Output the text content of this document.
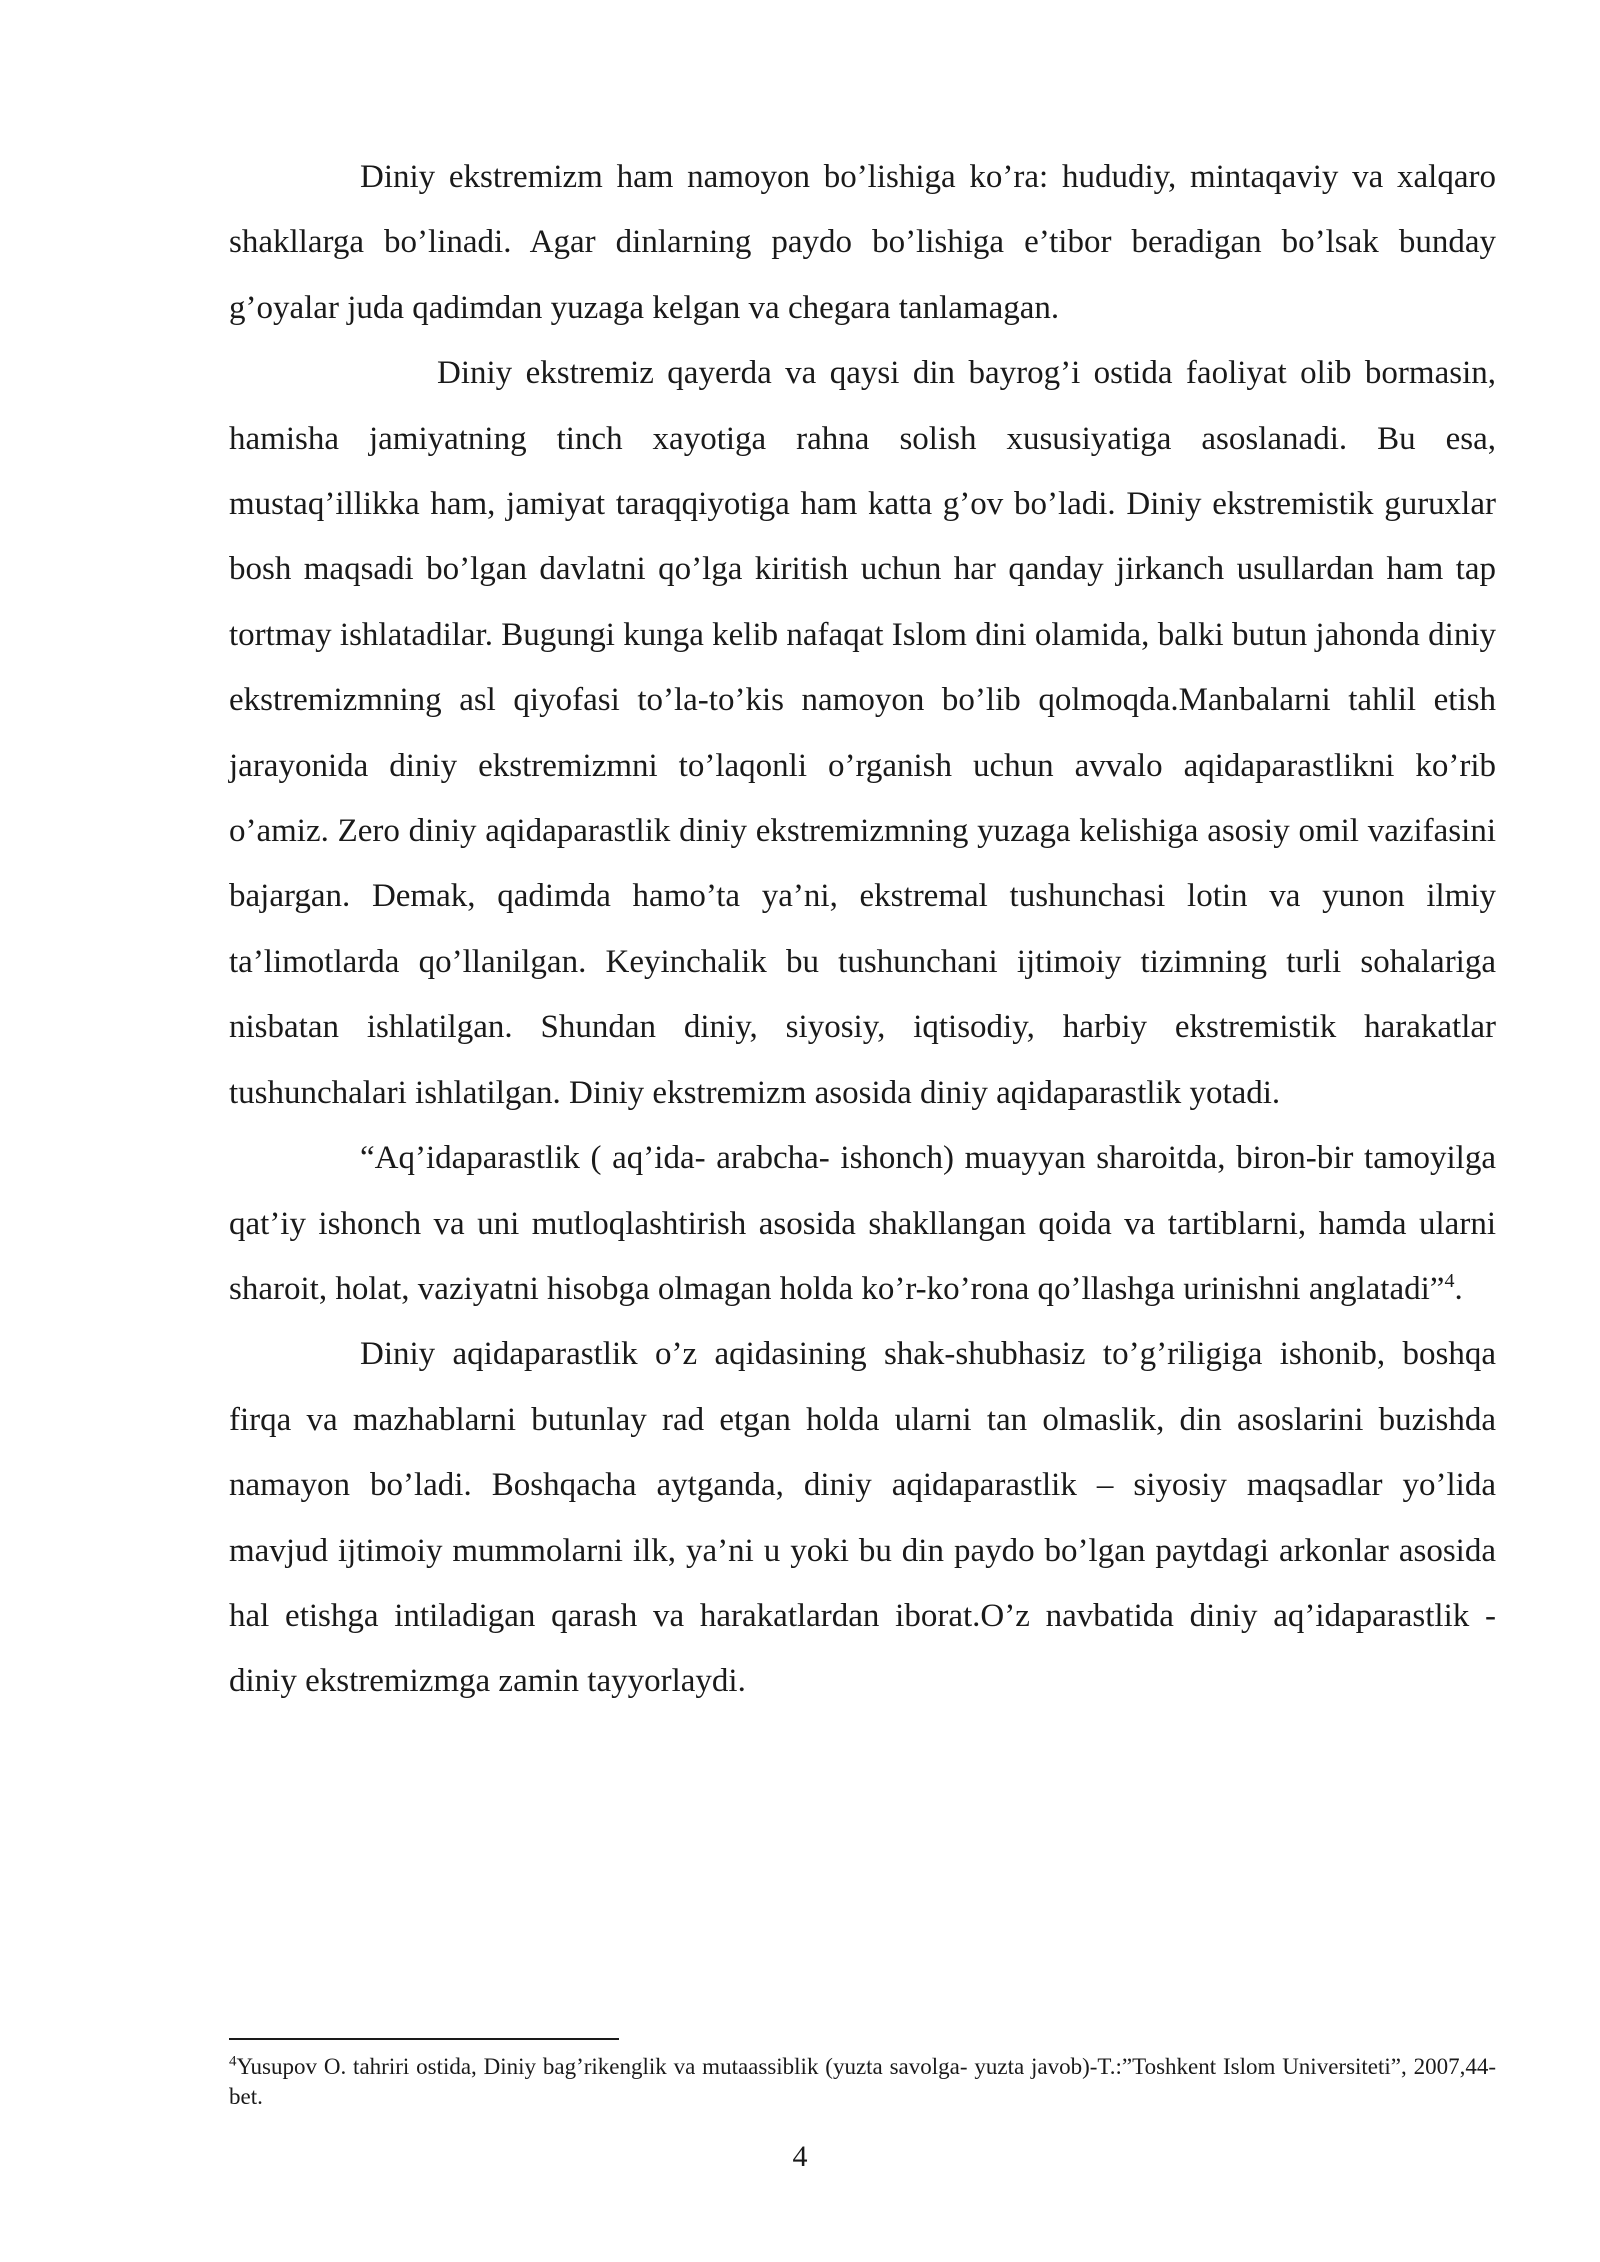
Diniy ekstremizm ham namoyon bo’lishiga ko’ra: hududiy, mintaqaviy va xalqaro shakllarga bo’linadi. Agar dinlarning paydo bo’lishiga e’tibor beradigan bo’lsak bunday g’oyalar juda qadimdan yuzaga kelgan va chegara tanlamagan.

Diniy ekstremiz qayerda va qaysi din bayrog’i ostida faoliyat olib bormasin, hamisha jamiyatning tinch xayotiga rahna solish xususiyatiga asoslanadi. Bu esa, mustaq’illikka ham, jamiyat taraqqiyotiga ham katta g’ov bo’ladi. Diniy ekstremistik guruxlar bosh maqsadi bo’lgan davlatni qo’lga kiritish uchun har qanday jirkanch usullardan ham tap tortmay ishlatadilar. Bugungi kunga kelib nafaqat Islom dini olamida, balki butun jahonda diniy ekstremizmning asl qiyofasi to’la-to’kis namoyon bo’lib qolmoqda.Manbalarni tahlil etish jarayonida diniy ekstremizmni to’laqonli o’rganish uchun avvalo aqidaparastlikni ko’rib o’amiz. Zero diniy aqidaparastlik diniy ekstremizmning yuzaga kelishiga asosiy omil vazifasini bajargan. Demak, qadimda hamo’ta ya’ni, ekstremal tushunchasi lotin va yunon ilmiy ta’limotlarda qo’llanilgan. Keyinchalik bu tushunchani ijtimoiy tizimning turli sohalariga nisbatan ishlatilgan. Shundan diniy, siyosiy, iqtisodiy, harbiy ekstremistik harakatlar tushunchalari ishlatilgan. Diniy ekstremizm asosida diniy aqidaparastlik yotadi.

“Aq’idaparastlik ( aq’ida- arabcha- ishonch) muayyan sharoitda, biron-bir tamoyilga qat’iy ishonch va uni mutloqlashtirish asosida shakllangan qoida va tartiblarni, hamda ularni sharoit, holat, vaziyatni hisobga olmagan holda ko’r-ko’rona qo’llashga urinishni anglatadi”$^4$.

Diniy aqidaparastlik o’z aqidasining shak-shubhasiz to’g’riligiga ishonib, boshqa firqa va mazhablarni butunlay rad etgan holda ularni tan olmaslik, din asoslarini buzishda namayon bo’ladi. Boshqacha aytganda, diniy aqidaparastlik – siyosiy maqsadlar yo’lida mavjud ijtimoiy mummolarni ilk, ya’ni u yoki bu din paydo bo’lgan paytdagi arkonlar asosida hal etishga intiladigan qarash va harakatlardan iborat.O’z navbatida diniy aq’idaparastlik - diniy ekstremizmga zamin tayyorlaydi.

$^4$Yusupov O. tahriri ostida, Diniy bag’rikenglik va mutaassiblik (yuzta savolga- yuzta javob)-T.:”Toshkent Islom Universiteti”, 2007,44-bet.

4
